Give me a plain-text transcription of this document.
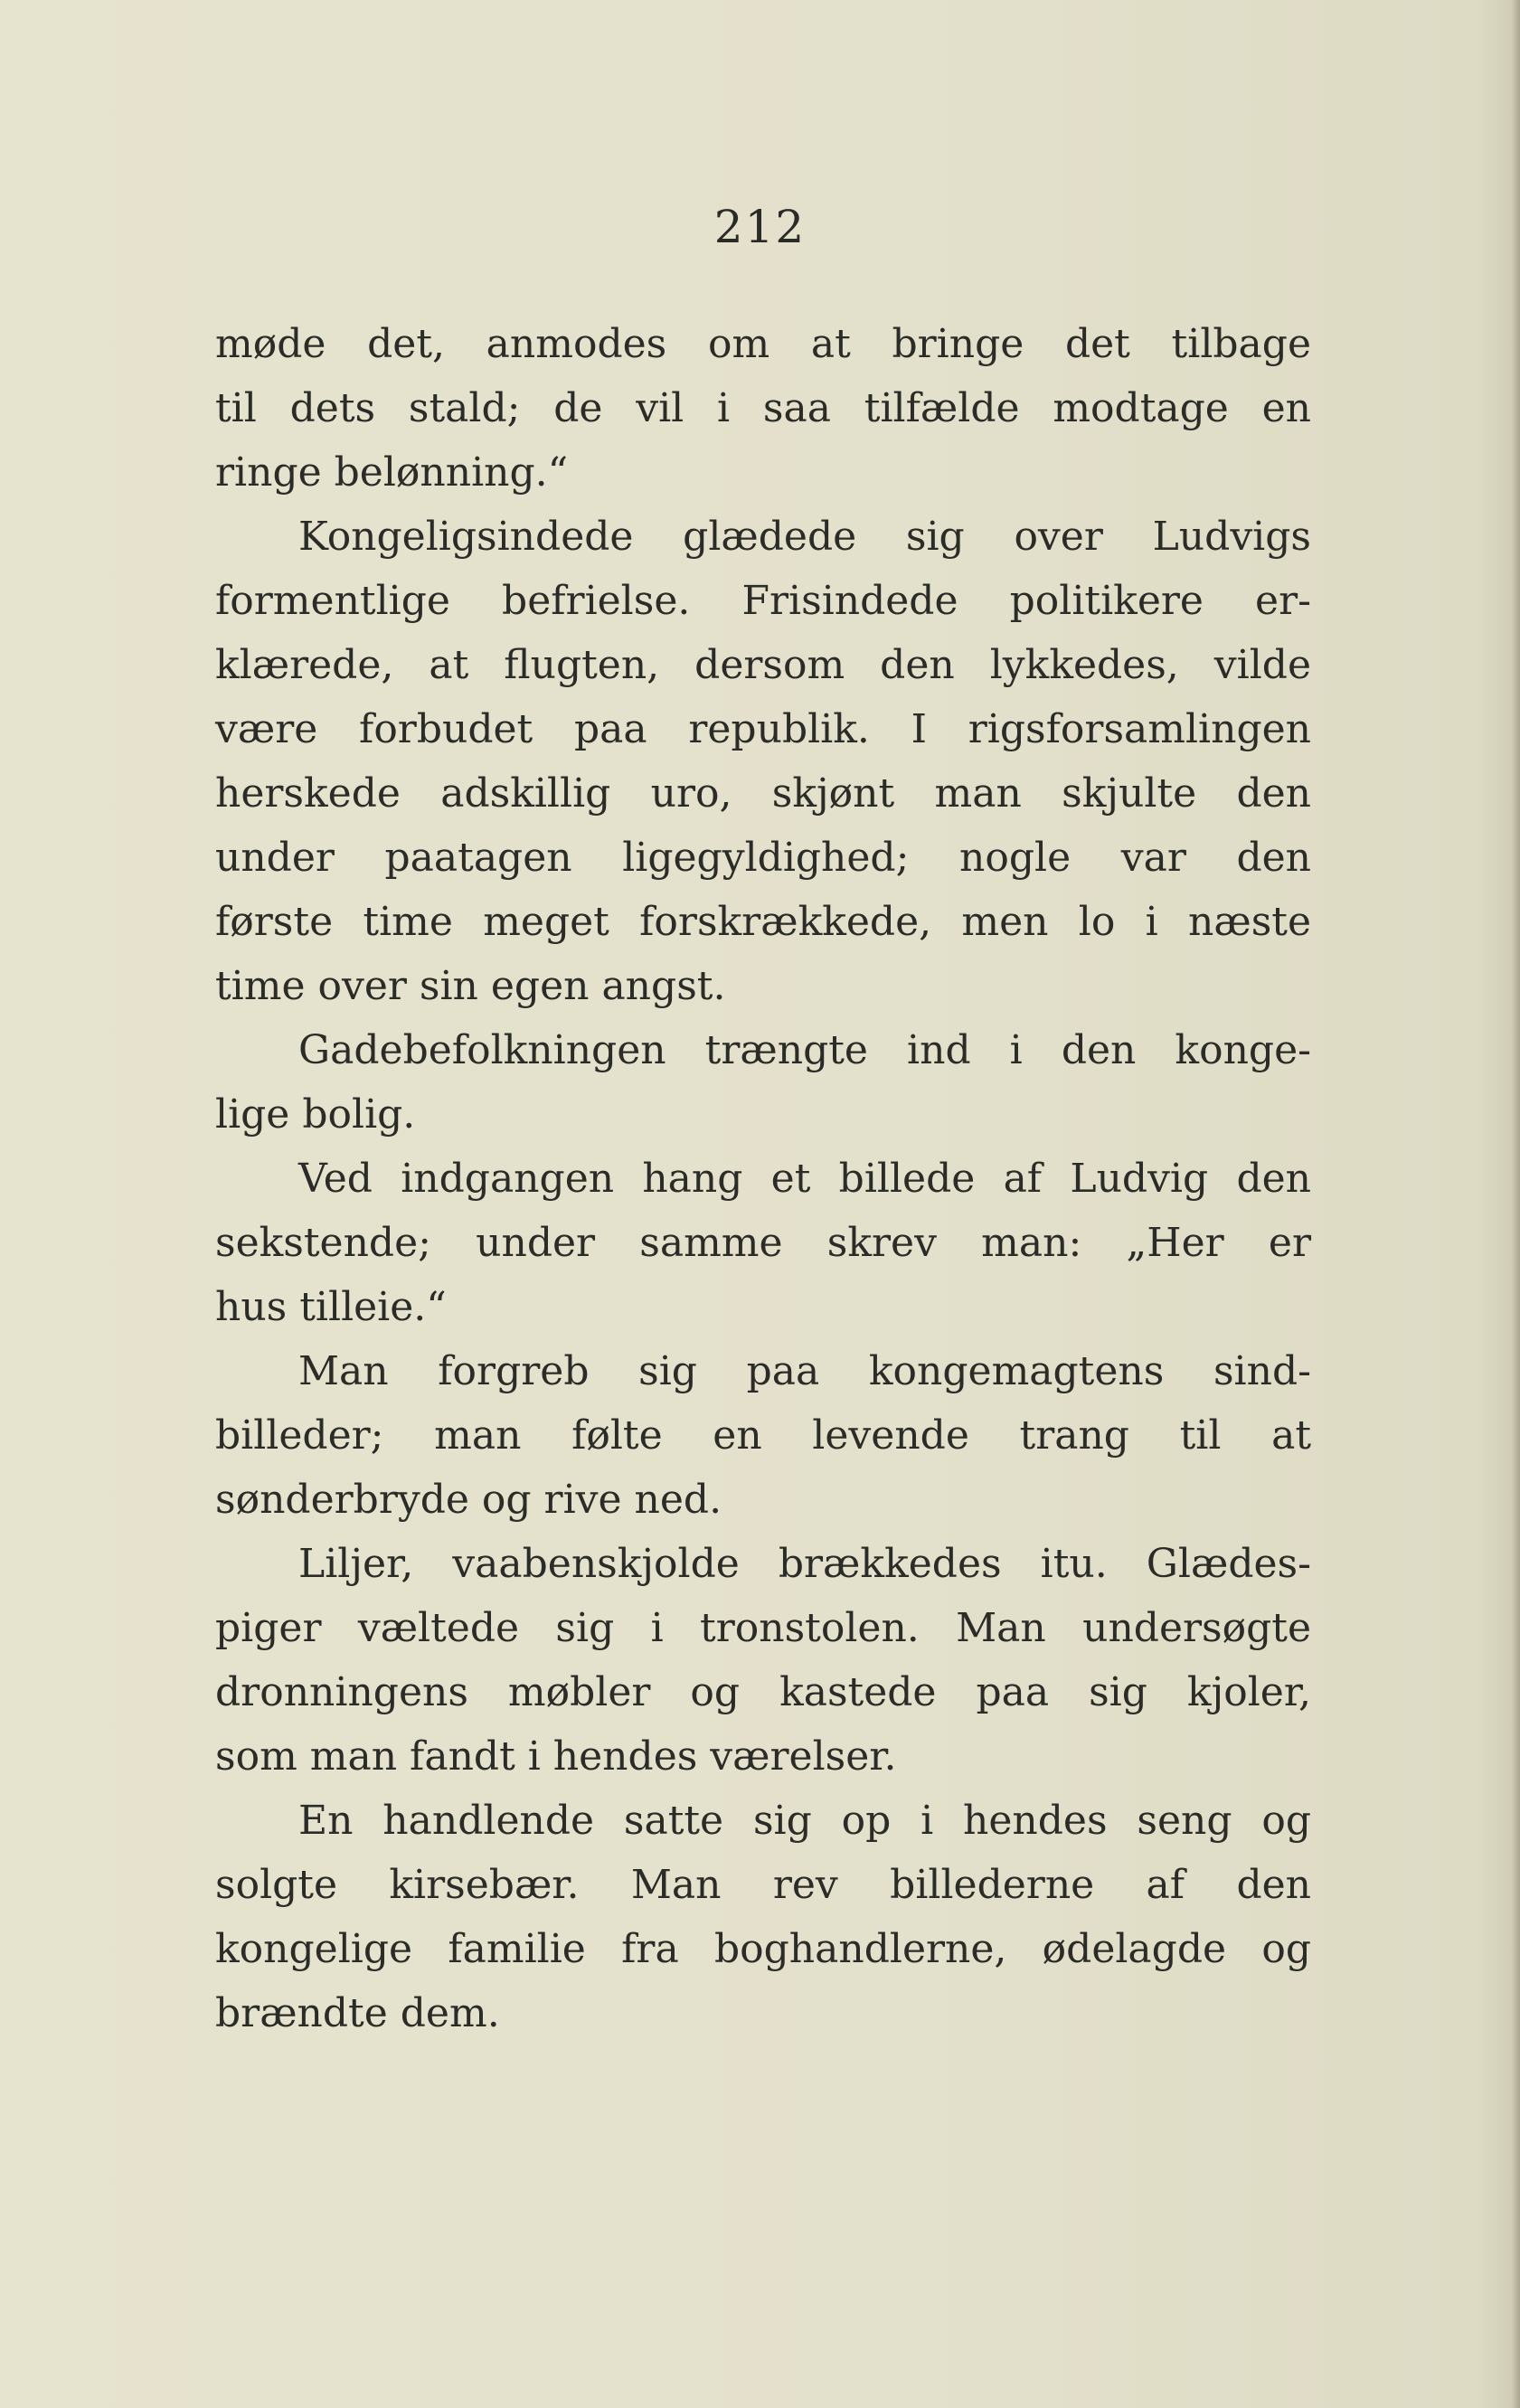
212
møde det, anmodes om at bringe det tilbage
til dets stald; de vil i saa tilfælde modtage en
ringe belønning.“
Kongeligsindede glædede sig over Ludvigs
formentlige befrielse. Frisindede politikere er-
klærede, at flugten, dersom den lykkedes, vilde
være forbudet paa republik. I rigsforsamlingen
herskede adskillig uro, skjønt man skjulte den
under paatagen ligegyldighed; nogle var den
første time meget forskrækkede, men lo i næste
time over sin egen angst.
Gadebefolkningen trængte ind i den konge-
lige bolig.
Ved indgangen hang et billede af Ludvig den
sekstende; under samme skrev man: „Her er
hus tilleie.“
Man forgreb sig paa kongemagtens sind-
billeder; man følte en levende trang til at
sønderbryde og rive ned.
Liljer, vaabenskjolde brækkedes itu. Glædes-
piger væltede sig i tronstolen. Man undersøgte
dronningens møbler og kastede paa sig kjoler,
som man fandt i hendes værelser.
En handlende satte sig op i hendes seng og
solgte kirsebær. Man rev billederne af den
kongelige familie fra boghandlerne, ødelagde og
brændte dem.
